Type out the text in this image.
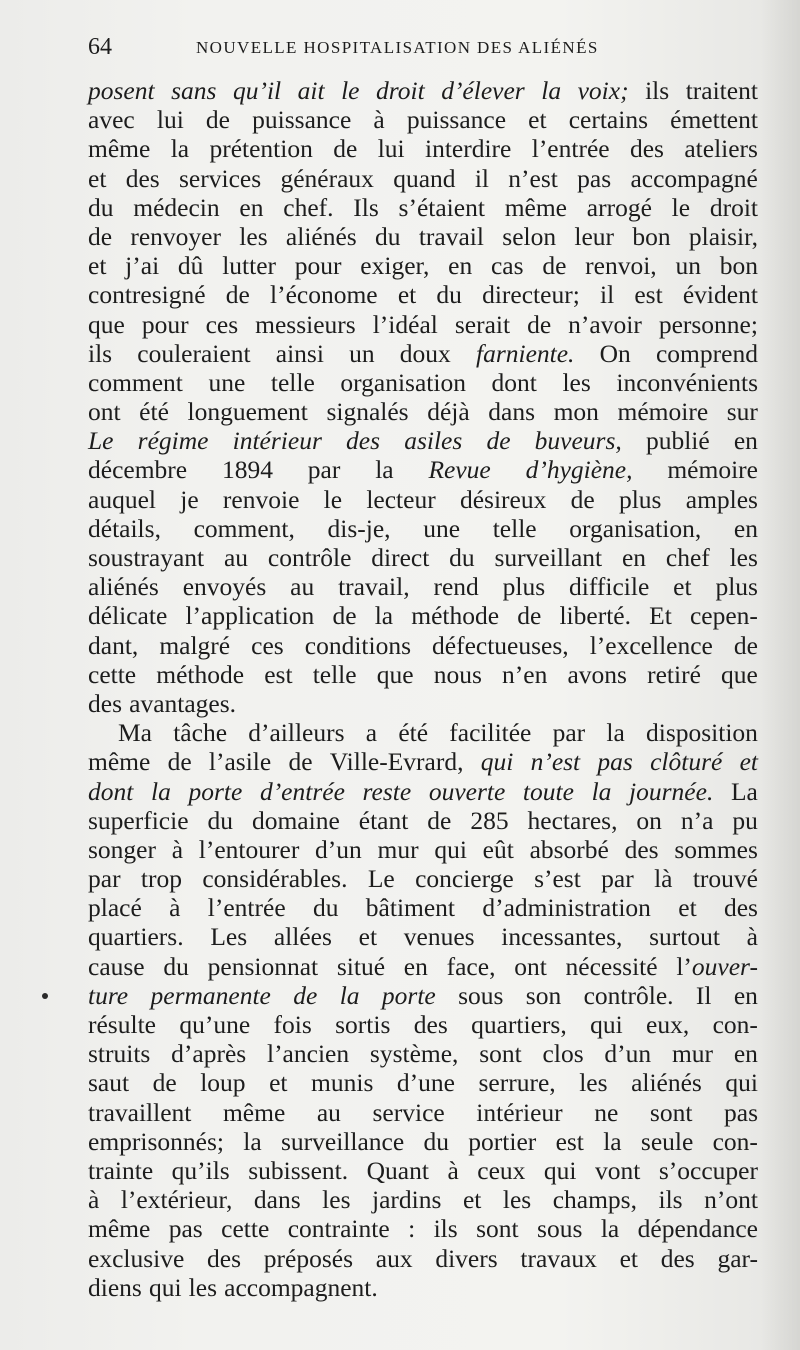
64	NOUVELLE HOSPITALISATION DES ALIÉNÉS
posent sans qu’il ait le droit d’élever la voix; ils traitent
avec lui de puissance à puissance et certains émettent
même la prétention de lui interdire l’entrée des ateliers
et des services généraux quand il n’est pas accompagné
du médecin en chef. Ils s’étaient même arrogé le droit
de renvoyer les aliénés du travail selon leur bon plaisir,
et j’ai dû lutter pour exiger, en cas de renvoi, un bon
contresigné de l’économe et du directeur; il est évident
que pour ces messieurs l’idéal serait de n’avoir personne;
ils couleraient ainsi un doux farniente. On comprend
comment une telle organisation dont les inconvénients
ont été longuement signalés déjà dans mon mémoire sur
Le régime intérieur des asiles de buveurs, publié en
décembre 1894 par la Revue d’hygiène, mémoire
auquel je renvoie le lecteur désireux de plus amples
détails, comment, dis-je, une telle organisation, en
soustrayant au contrôle direct du surveillant en chef les
aliénés envoyés au travail, rend plus difficile et plus
délicate l’application de la méthode de liberté. Et cepen-
dant, malgré ces conditions défectueuses, l’excellence de
cette méthode est telle que nous n’en avons retiré que
des avantages.
Ma tâche d’ailleurs a été facilitée par la disposition
même de l’asile de Ville-Evrard, qui n’est pas clôturé et
dont la porte d’entrée reste ouverte toute la journée. La
superficie du domaine étant de 285 hectares, on n’a pu
songer à l’entourer d’un mur qui eût absorbé des sommes
par trop considérables. Le concierge s’est par là trouvé
placé à l’entrée du bâtiment d’administration et des
quartiers. Les allées et venues incessantes, surtout à
cause du pensionnat situé en face, ont nécessité l’ouver-
ture permanente de la porte sous son contrôle. Il en
résulte qu’une fois sortis des quartiers, qui eux, con-
struits d’après l’ancien système, sont clos d’un mur en
saut de loup et munis d’une serrure, les aliénés qui
travaillent même au service intérieur ne sont pas
emprisonnés; la surveillance du portier est la seule con-
trainte qu’ils subissent. Quant à ceux qui vont s’occuper
à l’extérieur, dans les jardins et les champs, ils n’ont
même pas cette contrainte : ils sont sous la dépendance
exclusive des préposés aux divers travaux et des gar-
diens qui les accompagnent.
